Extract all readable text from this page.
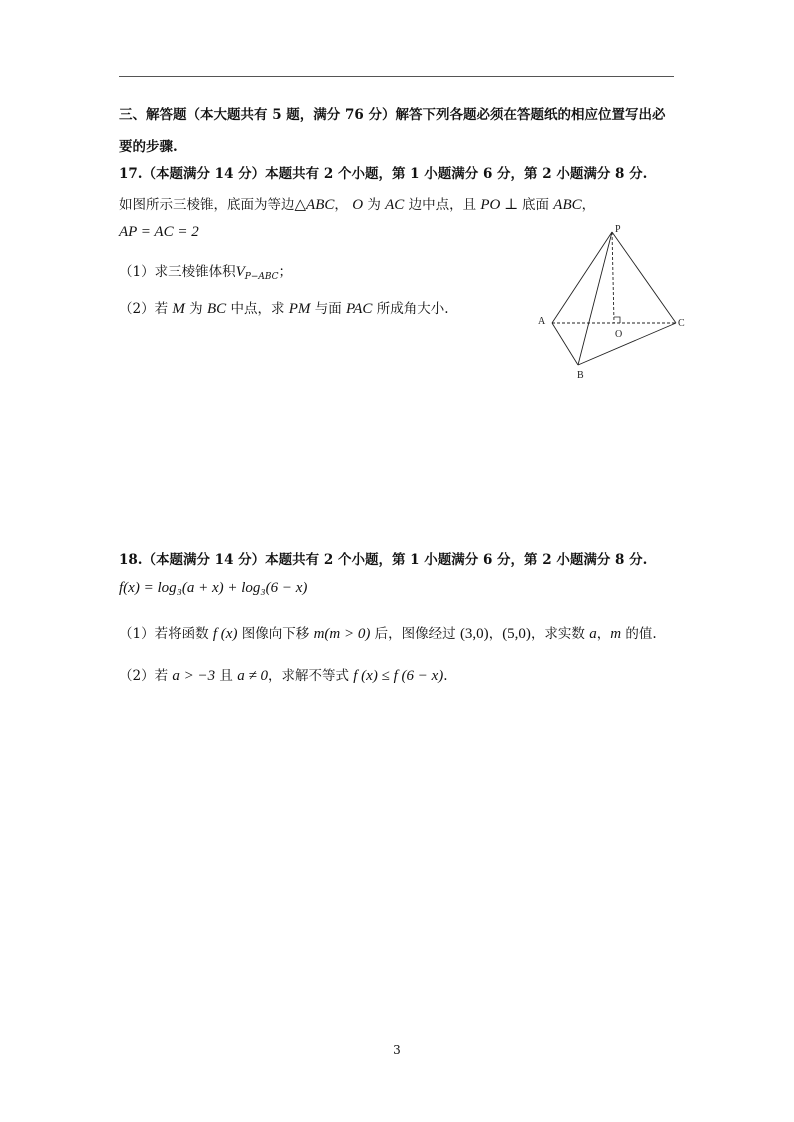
三、解答题（本大题共有 5 题，满分 76 分）解答下列各题必须在答题纸的相应位置写出必
要的步骤.
17.（本题满分 14 分）本题共有 2 个小题，第 1 小题满分 6 分，第 2 小题满分 8 分.
如图所示三棱锥，底面为等边△ABC， O 为 AC 边中点，且 PO ⊥ 底面 ABC，
AP = AC = 2
（1）求三棱锥体积$V_{P-ABC}$；
（2）若 M 为 BC 中点，求 PM 与面 PAC 所成角大小.
P
A	C
O
B
18.（本题满分 14 分）本题共有 2 个小题，第 1 小题满分 6 分，第 2 小题满分 8 分.
f(x) = log₃(a + x) + log₃(6 − x)
（1）若将函数 f (x) 图像向下移 m(m > 0) 后，图像经过 (3,0)，(5,0)，求实数 a，m 的值.
（2）若 a > −3 且 a ≠ 0，求解不等式 f (x) ≤ f (6 − x).
3
